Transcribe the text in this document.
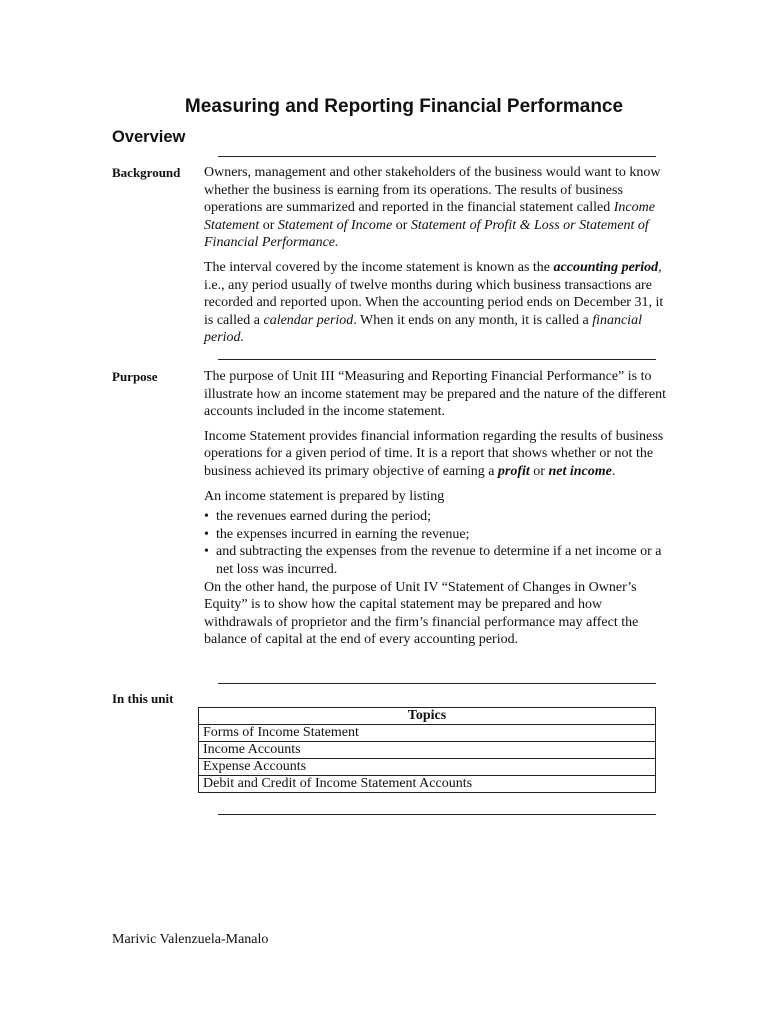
Measuring and Reporting Financial Performance
Overview
Background Owners, management and other stakeholders of the business would want to know whether the business is earning from its operations. The results of business operations are summarized and reported in the financial statement called Income Statement or Statement of Income or Statement of Profit & Loss or Statement of Financial Performance.

The interval covered by the income statement is known as the accounting period, i.e., any period usually of twelve months during which business transactions are recorded and reported upon. When the accounting period ends on December 31, it is called a calendar period. When it ends on any month, it is called a financial period.

Purpose	The purpose of Unit III “Measuring and Reporting Financial Performance” is to illustrate how an income statement may be prepared and the nature of the different accounts included in the income statement.

Income Statement provides financial information regarding the results of business operations for a given period of time. It is a report that shows whether or not the business achieved its primary objective of earning a profit or net income.

An income statement is prepared by listing

• the revenues earned during the period;
• the expenses incurred in earning the revenue;
• and subtracting the expenses from the revenue to determine if a net income or a net loss was incurred.

On the other hand, the purpose of Unit IV “Statement of Changes in Owner’s Equity” is to show how the capital statement may be prepared and how withdrawals of proprietor and the firm’s financial performance may affect the balance of capital at the end of every accounting period.

In this unit
Topics
Forms of Income Statement
Income Accounts
Expense Accounts
Debit and Credit of Income Statement Accounts
Marivic Valenzuela-Manalo
